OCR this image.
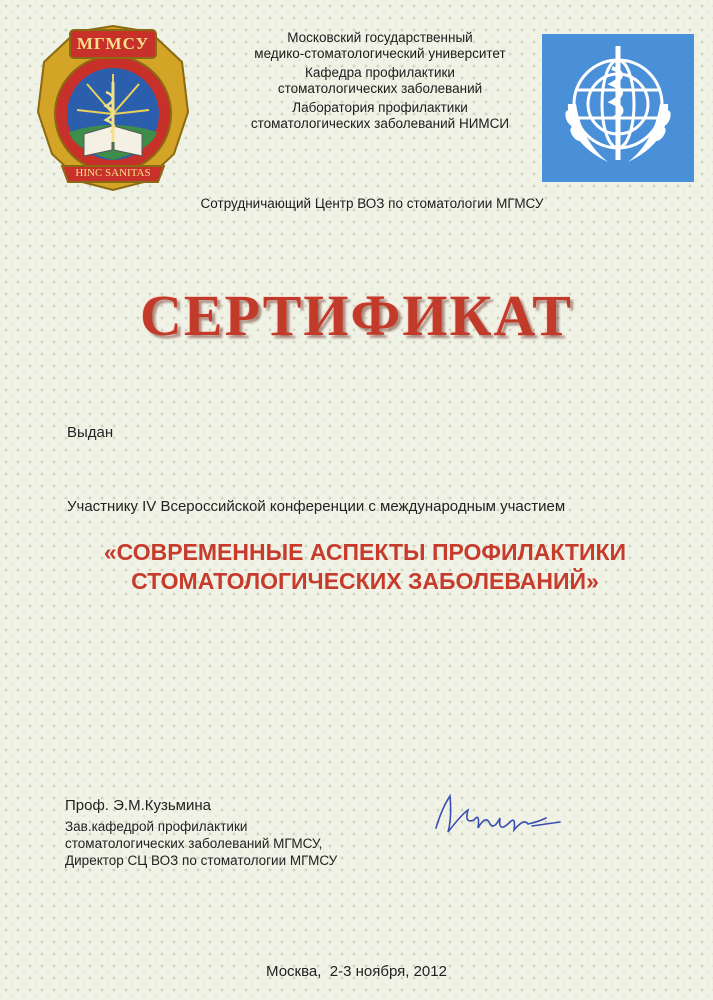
МГМСУ
HINC SANITAS
Московский государственный
медико-стоматологический университет
Кафедра профилактики
стоматологических заболеваний
Лаборатория профилактики
стоматологических заболеваний НИМСИ
Сотрудничающий Центр ВОЗ по стоматологии МГМСУ
СЕРТИФИКАТ
Выдан
Участнику IV Всероссийской конференции с международным участием
«СОВРЕМЕННЫЕ АСПЕКТЫ ПРОФИЛАКТИКИ
СТОМАТОЛОГИЧЕСКИХ ЗАБОЛЕВАНИЙ»
Проф. Э.М.Кузьмина
Зав.кафедрой профилактики
стоматологических заболеваний МГМСУ,
Директор СЦ ВОЗ по стоматологии МГМСУ
Москва,  2-3 ноября, 2012
